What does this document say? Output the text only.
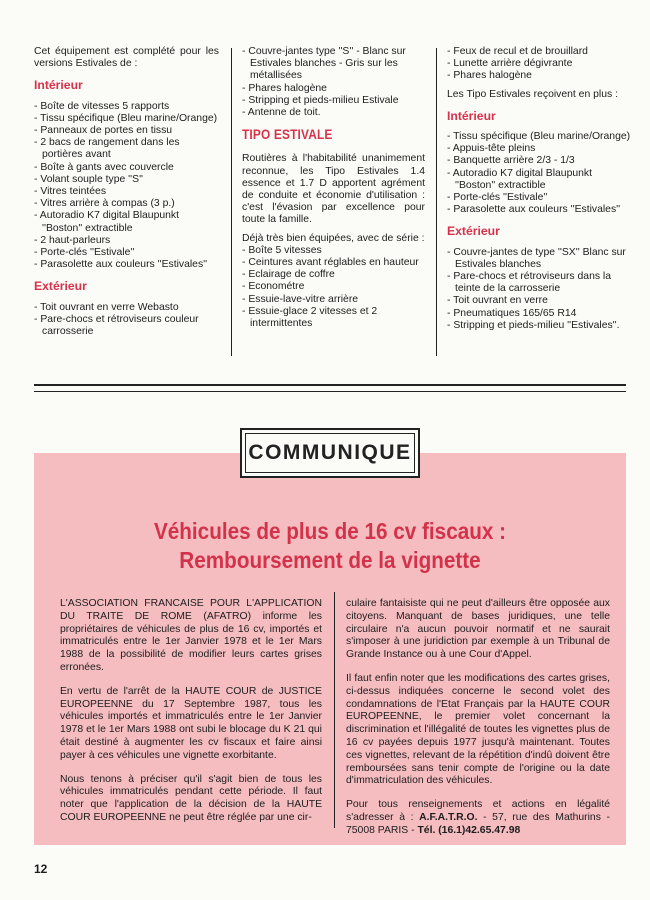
Cet équipement est complété pour les versions Estivales de :

Intérieur
- Boîte de vitesses 5 rapports
- Tissu spécifique (Bleu marine/Orange)
- Panneaux de portes en tissu
- 2 bacs de rangement dans les portières avant
- Boîte à gants avec couvercle
- Volant souple type ''S''
- Vitres teintées
- Vitres arrière à compas (3 p.)
- Autoradio K7 digital Blaupunkt ''Boston'' extractible
- 2 haut-parleurs
- Porte-clés ''Estivale''
- Parasolette aux couleurs ''Estivales''
Extérieur
- Toit ouvrant en verre Webasto
- Pare-chocs et rétroviseurs couleur carrosserie
- Couvre-jantes type ''S'' - Blanc sur Estivales blanches - Gris sur les métallisées
- Phares halogène
- Stripping et pieds-milieu Estivale
- Antenne de toit.
TIPO ESTIVALE

Routières à l'habitabilité unanimement reconnue, les Tipo Estivales 1.4 essence et 1.7 D apportent agrément de conduite et économie d'utilisation : c'est l'évasion par excellence pour toute la famille.

Déjà très bien équipées, avec de série :

- Boîte 5 vitesses
- Ceintures avant réglables en hauteur
- Eclairage de coffre
- Econométre
- Essuie-lave-vitre arrière
- Essuie-glace 2 vitesses et 2 intermittentes
- Feux de recul et de brouillard
- Lunette arrière dégivrante
- Phares halogène

Les Tipo Estivales reçoivent en plus :

Intérieur
- Tissu spécifique (Bleu marine/Orange)
- Appuis-tête pleins
- Banquette arrière 2/3 - 1/3
- Autoradio K7 digital Blaupunkt ''Boston'' extractible
- Porte-clés ''Estivale''
- Parasolette aux couleurs ''Estivales''
Extérieur
- Couvre-jantes de type ''SX'' Blanc sur Estivales blanches
- Pare-chocs et rétroviseurs dans la teinte de la carrosserie
- Toit ouvrant en verre
- Pneumatiques 165/65 R14
- Stripping et pieds-milieu ''Estivales''.
COMMUNIQUE
Véhicules de plus de 16 cv fiscaux :
Remboursement de la vignette

L'ASSOCIATION FRANCAISE POUR L'APPLICATION DU TRAITE DE ROME (AFATRO) informe les propriétaires de véhicules de plus de 16 cv, importés et immatriculés entre le 1er Janvier 1978 et le 1er Mars 1988 de la possibilité de modifier leurs cartes grises erronées.

En vertu de l'arrêt de la HAUTE COUR de JUSTICE EUROPEENNE du 17 Septembre 1987, tous les véhicules importés et immatriculés entre le 1er Janvier 1978 et le 1er Mars 1988 ont subi le blocage du K 21 qui était destiné à augmenter les cv fiscaux et faire ainsi payer à ces véhicules une vignette exorbitante.

Nous tenons à préciser qu'il s'agit bien de tous les véhicules immatriculés pendant cette période. Il faut noter que l'application de la décision de la HAUTE COUR EUROPEENNE ne peut être réglée par une cir-

culaire fantaisiste qui ne peut d'ailleurs être opposée aux citoyens. Manquant de bases juridiques, une telle circulaire n'a aucun pouvoir normatif et ne saurait s'imposer à une juridiction par exemple à un Tribunal de Grande Instance ou à une Cour d'Appel.

Il faut enfin noter que les modifications des cartes grises, ci-dessus indiquées concerne le second volet des condamnations de l'Etat Français par la HAUTE COUR EUROPEENNE, le premier volet concernant la discrimination et l'illégalité de toutes les vignettes plus de 16 cv payées depuis 1977 jusqu'à maintenant. Toutes ces vignettes, relevant de la répétition d'indû doivent être remboursées sans tenir compte de l'origine ou la date d'immatriculation des véhicules.

Pour tous renseignements et actions en légalité s'adresser à : A.F.A.T.R.O. - 57, rue des Mathurins - 75008 PARIS - Tél. (16.1)42.65.47.98

12
